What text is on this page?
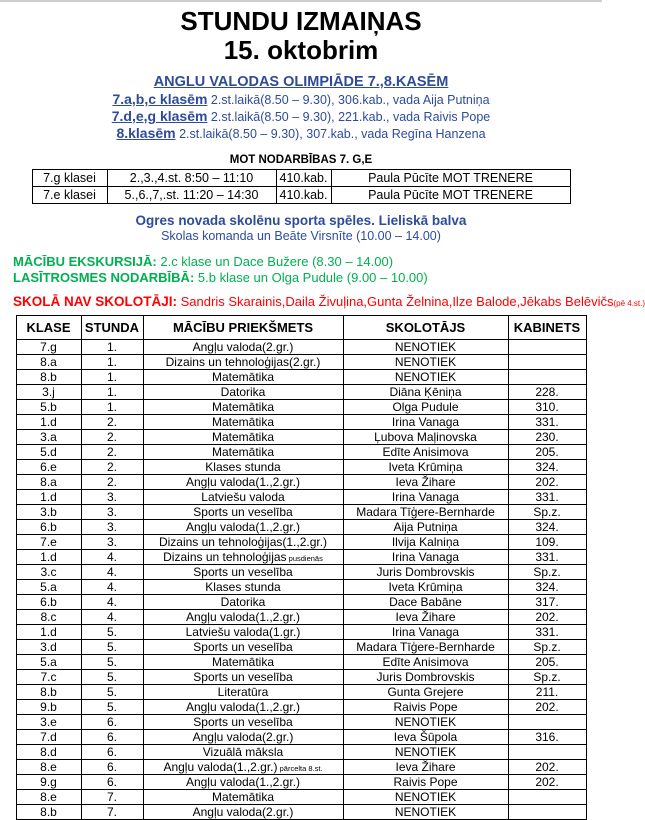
STUNDU IZMAIŅAS
15. oktobrim
ANGLU VALODAS OLIMPIĀDE 7.,8.KASĒM
7.a,b,c klasēm 2.st.laikā(8.50 – 9.30), 306.kab., vada Aija Putniņa
7.d,e,g klasēm 2.st.laikā(8.50 – 9.30), 221.kab., vada Raivis Pope
8.klasēm 2.st.laikā(8.50 – 9.30), 307.kab., vada Regīna Hanzena
MOT NODARBĪBAS 7. G,E
7.g klasei	2.,3.,4.st. 8:50 – 11:10	410.kab.	Paula Pūcīte MOT TRENERE
7.e klasei	5.,6.,7,.st. 11:20 – 14:30	410.kab.	Paula Pūcīte MOT TRENERE
Ogres novada skolēnu sporta spēles. Lieliskā balva
Skolas komanda un Beāte Virsnīte (10.00 – 14.00)
MĀCĪBU EKSKURSIJĀ: 2.c klase un Dace Bužere (8.30 – 14.00)
LASĪTROSMES NODARBĪBĀ: 5.b klase un Olga Pudule (9.00 – 10.00)
SKOLĀ NAV SKOLOTĀJI: Sandris Skarainis,Daila Živuļina,Gunta Želnina,Ilze Balode,Jēkabs Belēvičs(pē 4.st.)
KLASE	STUNDA	MĀCĪBU PRIEKŠMETS	SKOLOTĀJS	KABINETS
7.g	1.	Angļu valoda(2.gr.)	NENOTIEK	
8.a	1.	Dizains un tehnoloģijas(2.gr.)	NENOTIEK	
8.b	1.	Matemātika	NENOTIEK	
3.j	1.	Datorika	Diāna Ķēniņa	228.
5.b	1.	Matemātika	Olga Pudule	310.
1.d	2.	Matemātika	Irina Vanaga	331.
3.a	2.	Matemātika	Ļubova Maļinovska	230.
5.d	2.	Matemātika	Edīte Anisimova	205.
6.e	2.	Klases stunda	Iveta Krūmiņa	324.
8.a	2.	Angļu valoda(1.,2.gr.)	Ieva Žihare	202.
1.d	3.	Latviešu valoda	Irina Vanaga	331.
3.b	3.	Sports un veselība	Madara Tīģere-Bernharde	Sp.z.
6.b	3.	Angļu valoda(1.,2.gr.)	Aija Putniņa	324.
7.e	3.	Dizains un tehnoloģijas(1.,2.gr.)	Ilvija Kalniņa	109.
1.d	4.	Dizains un tehnoloģijas pusdienās	Irina Vanaga	331.
3.c	4.	Sports un veselība	Juris Dombrovskis	Sp.z.
5.a	4.	Klases stunda	Iveta Krūmiņa	324.
6.b	4.	Datorika	Dace Babāne	317.
8.c	4.	Angļu valoda(1.,2.gr.)	Ieva Žihare	202.
1.d	5.	Latviešu valoda(1.gr.)	Irina Vanaga	331.
3.d	5.	Sports un veselība	Madara Tīģere-Bernharde	Sp.z.
5.a	5.	Matemātika	Edīte Anisimova	205.
7.c	5.	Sports un veselība	Juris Dombrovskis	Sp.z.
8.b	5.	Literatūra	Gunta Grejere	211.
9.b	5.	Angļu valoda(1.,2.gr.)	Raivis Pope	202.
3.e	6.	Sports un veselība	NENOTIEK	
7.d	6.	Angļu valoda(2.gr.)	Ieva Šūpola	316.
8.d	6.	Vizuālā māksla	NENOTIEK	
8.e	6.	Angļu valoda(1.,2.gr.) pārcelta 8.st.	Ieva Žihare	202.
9.g	6.	Angļu valoda(1.,2.gr.)	Raivis Pope	202.
8.e	7.	Matemātika	NENOTIEK	
8.b	7.	Angļu valoda(2.gr.)	NENOTIEK	
